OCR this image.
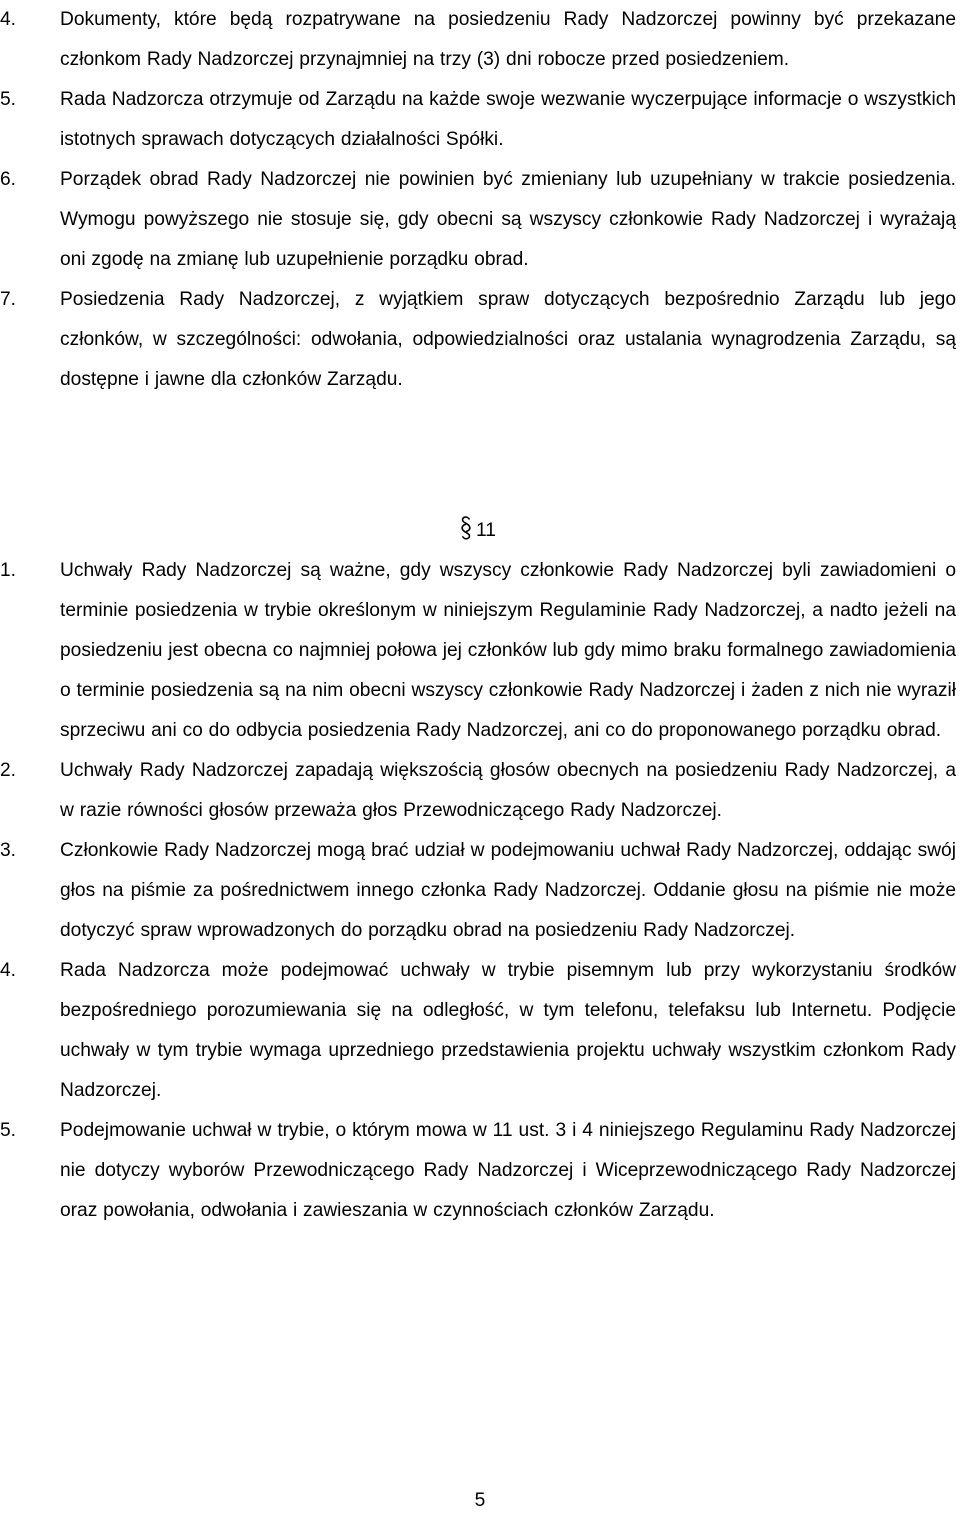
4. Dokumenty, które będą rozpatrywane na posiedzeniu Rady Nadzorczej powinny być przekazane członkom Rady Nadzorczej przynajmniej na trzy (3) dni robocze przed posiedzeniem.
5. Rada Nadzorcza otrzymuje od Zarządu na każde swoje wezwanie wyczerpujące informacje o wszystkich istotnych sprawach dotyczących działalności Spółki.
6. Porządek obrad Rady Nadzorczej nie powinien być zmieniany lub uzupełniany w trakcie posiedzenia. Wymogu powyższego nie stosuje się, gdy obecni są wszyscy członkowie Rady Nadzorczej i wyrażają oni zgodę na zmianę lub uzupełnienie porządku obrad.
7. Posiedzenia Rady Nadzorczej, z wyjątkiem spraw dotyczących bezpośrednio Zarządu lub jego członków, w szczególności: odwołania, odpowiedzialności oraz ustalania wynagrodzenia Zarządu, są dostępne i jawne dla członków Zarządu.
11
1. Uchwały Rady Nadzorczej są ważne, gdy wszyscy członkowie Rady Nadzorczej byli zawiadomieni o terminie posiedzenia w trybie określonym w niniejszym Regulaminie Rady Nadzorczej, a nadto jeżeli na posiedzeniu jest obecna co najmniej połowa jej członków lub gdy mimo braku formalnego zawiadomienia o terminie posiedzenia są na nim obecni wszyscy członkowie Rady Nadzorczej i żaden z nich nie wyraził sprzeciwu ani co do odbycia posiedzenia Rady Nadzorczej, ani co do proponowanego porządku obrad.
2. Uchwały Rady Nadzorczej zapadają większością głosów obecnych na posiedzeniu Rady Nadzorczej, a w razie równości głosów przeważa głos Przewodniczącego Rady Nadzorczej.
3. Członkowie Rady Nadzorczej mogą brać udział w podejmowaniu uchwał Rady Nadzorczej, oddając swój głos na piśmie za pośrednictwem innego członka Rady Nadzorczej. Oddanie głosu na piśmie nie może dotyczyć spraw wprowadzonych do porządku obrad na posiedzeniu Rady Nadzorczej.
4. Rada Nadzorcza może podejmować uchwały w trybie pisemnym lub przy wykorzystaniu środków bezpośredniego porozumiewania się na odległość, w tym telefonu, telefaksu lub Internetu. Podjęcie uchwały w tym trybie wymaga uprzedniego przedstawienia projektu uchwały wszystkim członkom Rady Nadzorczej.
5. Podejmowanie uchwał w trybie, o którym mowa w 11 ust. 3 i 4 niniejszego Regulaminu Rady Nadzorczej nie dotyczy wyborów Przewodniczącego Rady Nadzorczej i Wiceprzewodniczącego Rady Nadzorczej oraz powołania, odwołania i zawieszania w czynnościach członków Zarządu.
5
